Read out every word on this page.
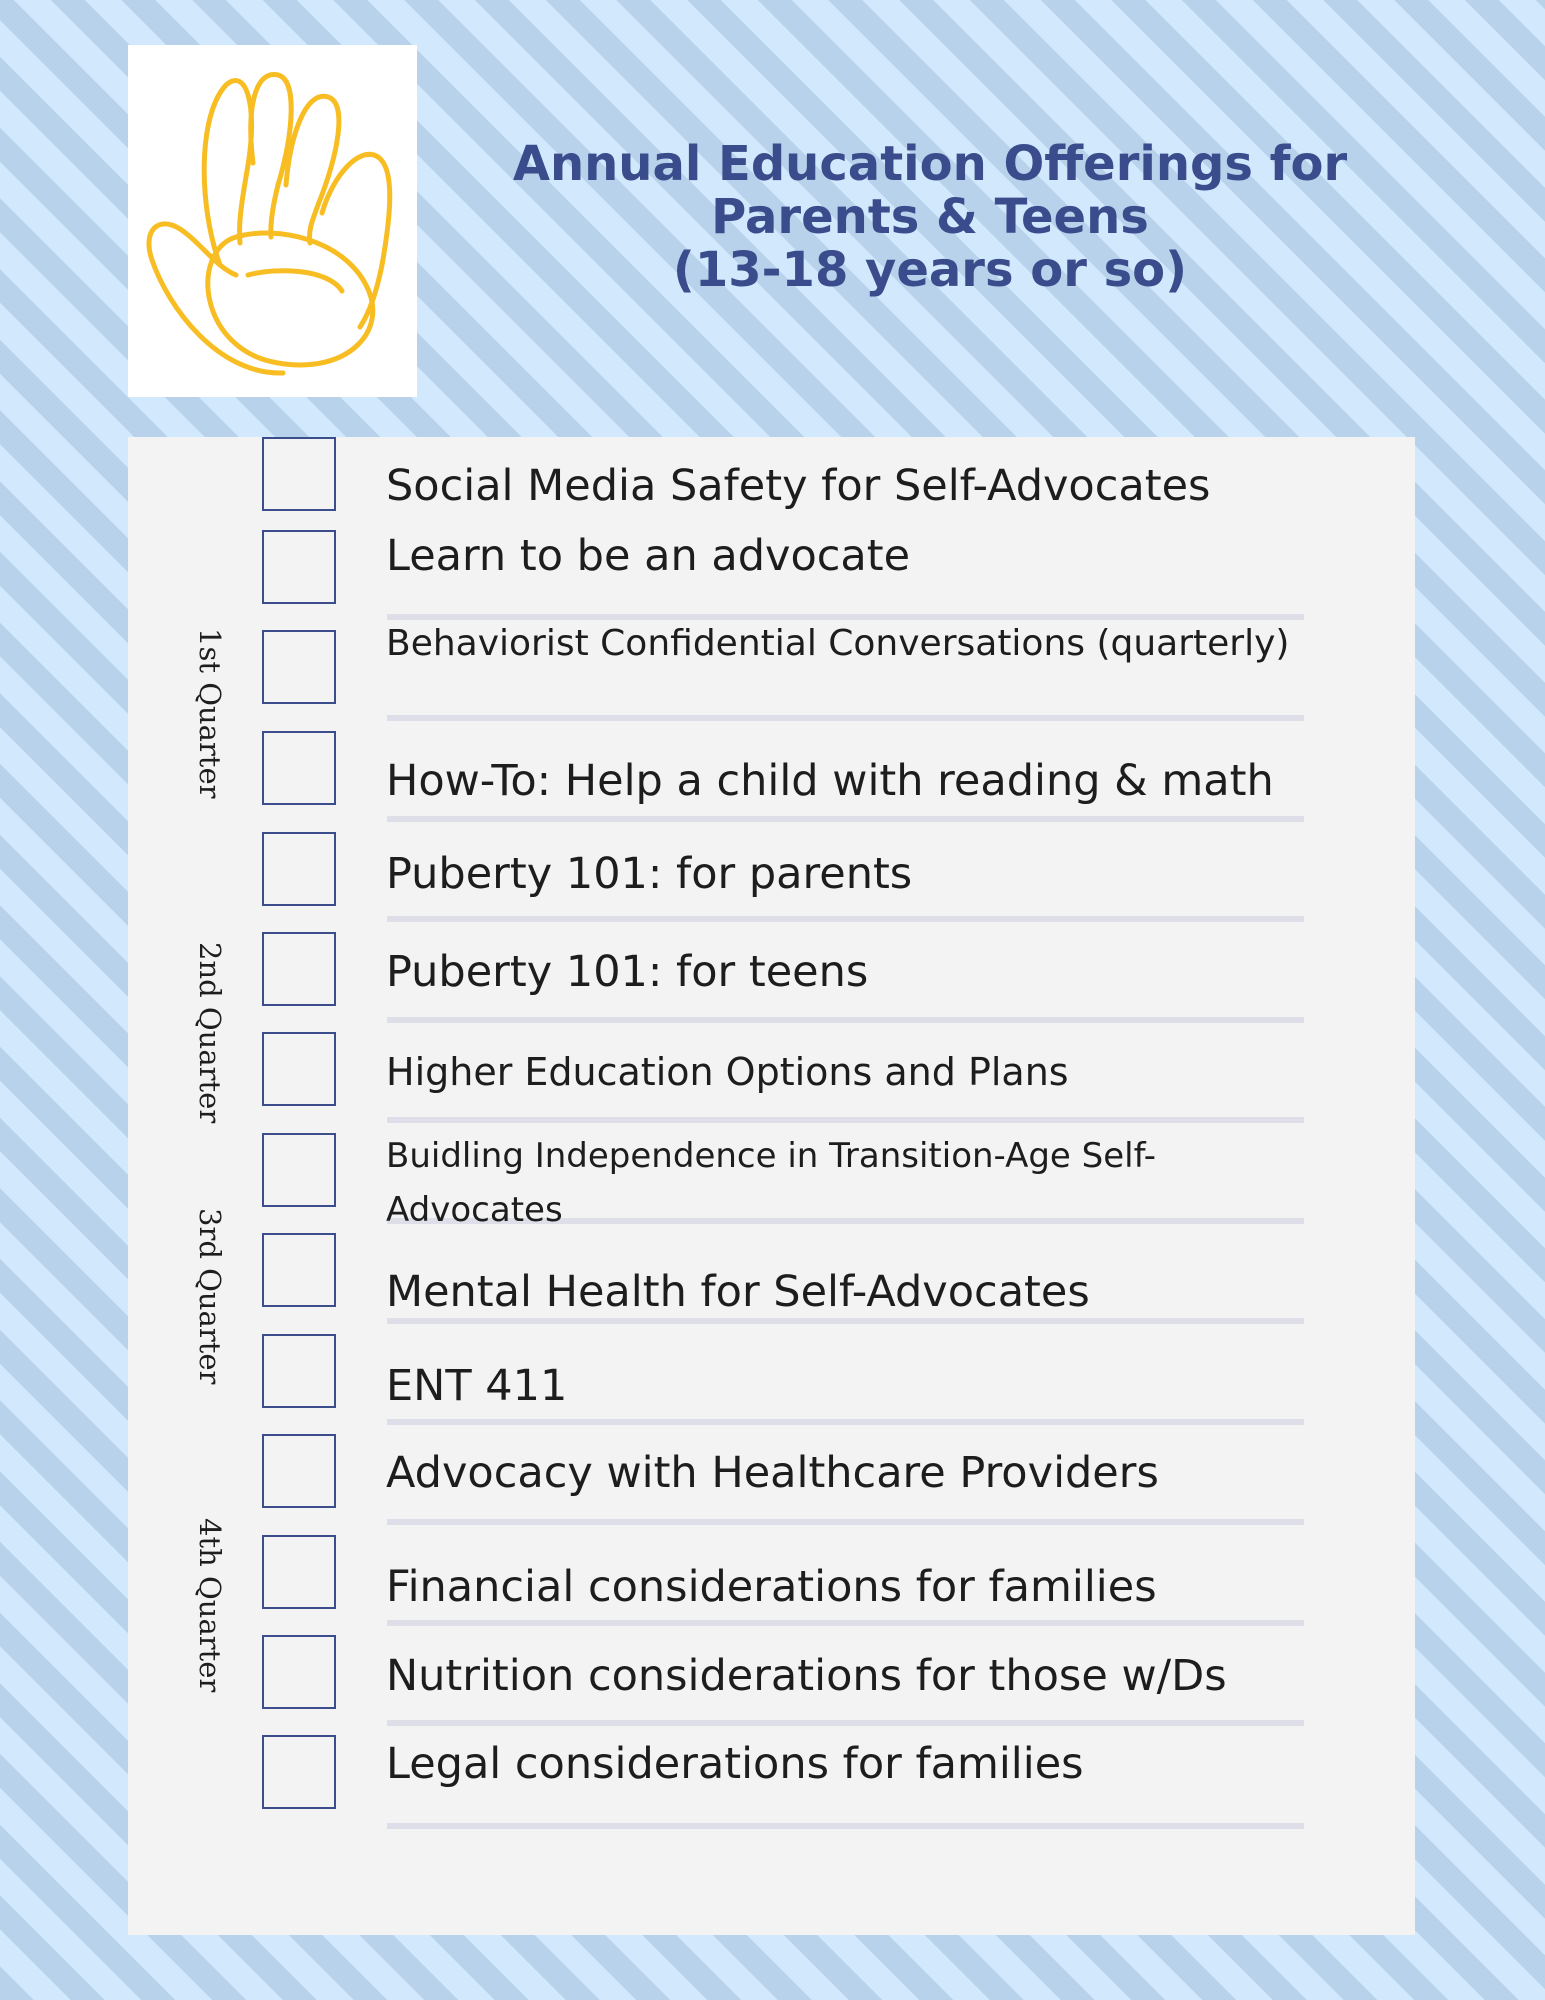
Annual Education Offerings for
Parents & Teens
(13-18 years or so)
1st Quarter
2nd Quarter
3rd Quarter
4th Quarter
Social Media Safety for Self-Advocates
Learn to be an advocate
Behaviorist Confidential Conversations (quarterly)
How-To: Help a child with reading & math
Puberty 101: for parents
Puberty 101: for teens
Higher Education Options and Plans
Buidling Independence in Transition-Age Self-Advocates
Mental Health for Self-Advocates
ENT 411
Advocacy with Healthcare Providers
Financial considerations for families
Nutrition considerations for those w/Ds
Legal considerations for families
